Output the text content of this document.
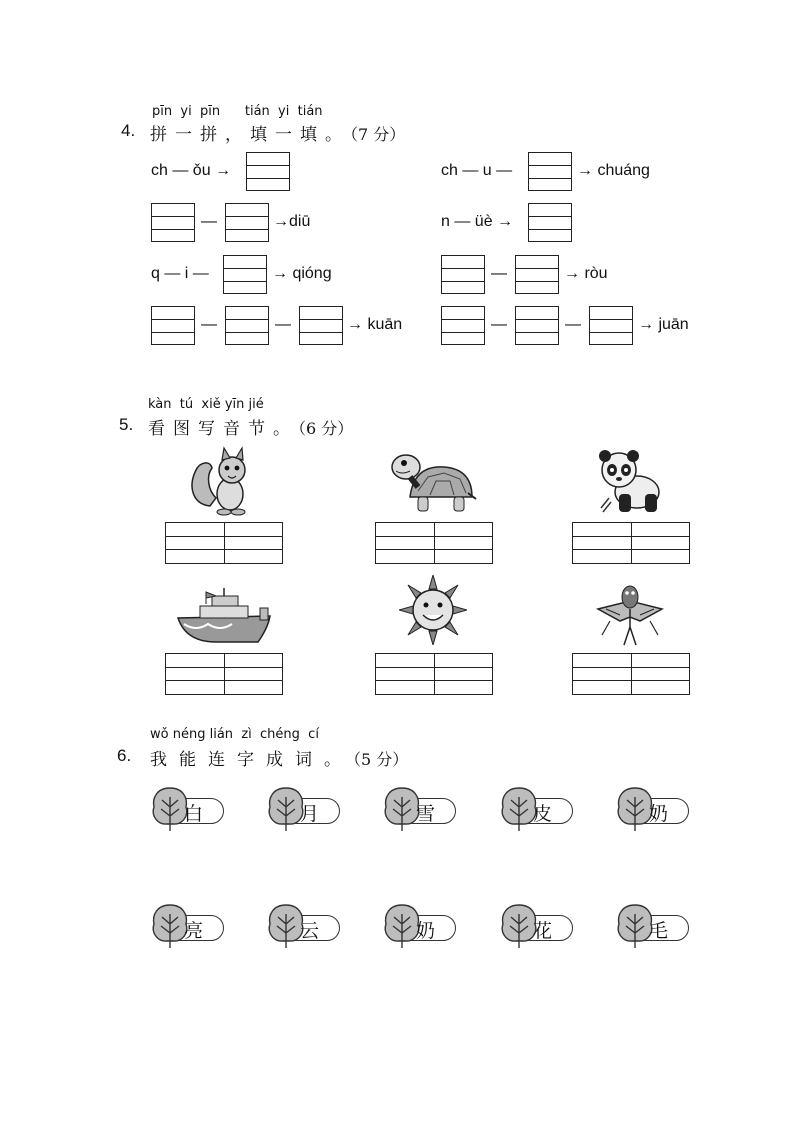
pīn yi pīn tián yi tián
4. 拼一拼，填一填。（7 分）
ch — ǒu →	ch — u —	→ chuáng
—	→diū	n — üè →
q — i —	→ qióng	—	→ ròu
—	—	→ kuān	—	—	→ juān
kàn tú xiě yīn jié
5. 看图写音节。（6 分）
wǒ néng lián zì chéng cí
6. 我能连字成词。（5 分）
白	月	雪	皮	奶
亮	云	奶	花	毛
